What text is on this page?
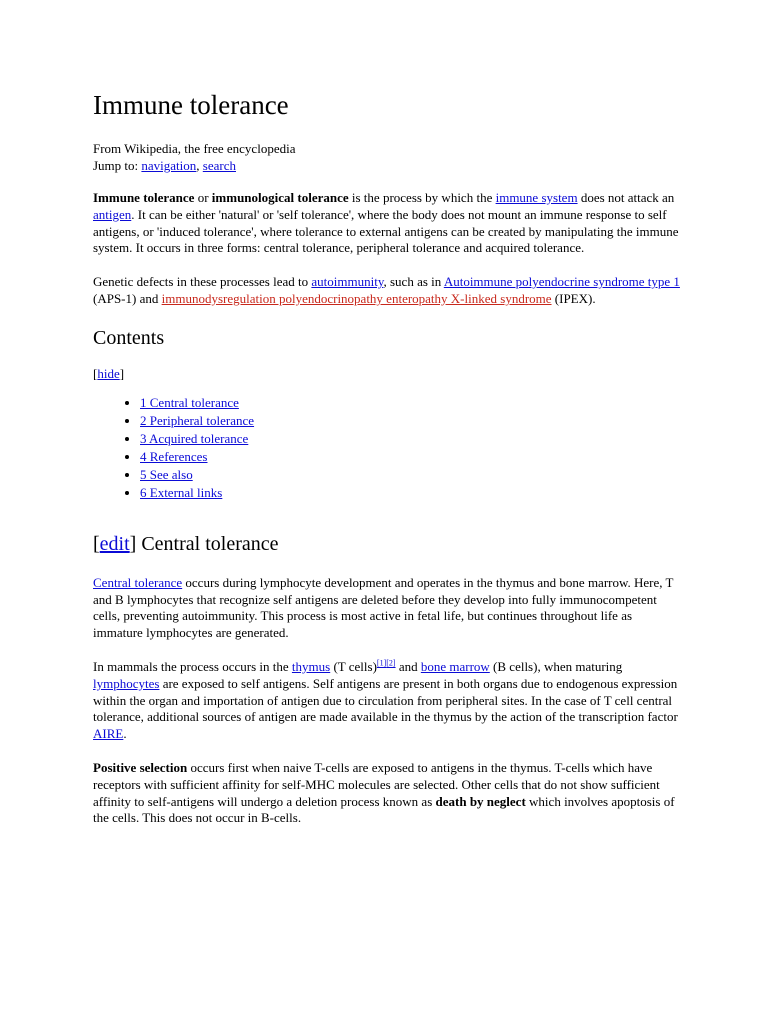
Immune tolerance
From Wikipedia, the free encyclopedia
Jump to: navigation, search

Immune tolerance or immunological tolerance is the process by which the immune system does not attack an antigen. It can be either 'natural' or 'self tolerance', where the body does not mount an immune response to self antigens, or 'induced tolerance', where tolerance to external antigens can be created by manipulating the immune system. It occurs in three forms: central tolerance, peripheral tolerance and acquired tolerance.

Genetic defects in these processes lead to autoimmunity, such as in Autoimmune polyendocrine syndrome type 1 (APS-1) and immunodysregulation polyendocrinopathy enteropathy X-linked syndrome (IPEX).

Contents
[hide]
• 1 Central tolerance
• 2 Peripheral tolerance
• 3 Acquired tolerance
• 4 References
• 5 See also
• 6 External links
[edit] Central tolerance

Central tolerance occurs during lymphocyte development and operates in the thymus and bone marrow. Here, T and B lymphocytes that recognize self antigens are deleted before they develop into fully immunocompetent cells, preventing autoimmunity. This process is most active in fetal life, but continues throughout life as immature lymphocytes are generated.

In mammals the process occurs in the thymus (T cells)[1][2] and bone marrow (B cells), when maturing lymphocytes are exposed to self antigens. Self antigens are present in both organs due to endogenous expression within the organ and importation of antigen due to circulation from peripheral sites. In the case of T cell central tolerance, additional sources of antigen are made available in the thymus by the action of the transcription factor AIRE.

Positive selection occurs first when naive T-cells are exposed to antigens in the thymus. T-cells which have receptors with sufficient affinity for self-MHC molecules are selected. Other cells that do not show sufficient affinity to self-antigens will undergo a deletion process known as death by neglect which involves apoptosis of the cells. This does not occur in B-cells.
